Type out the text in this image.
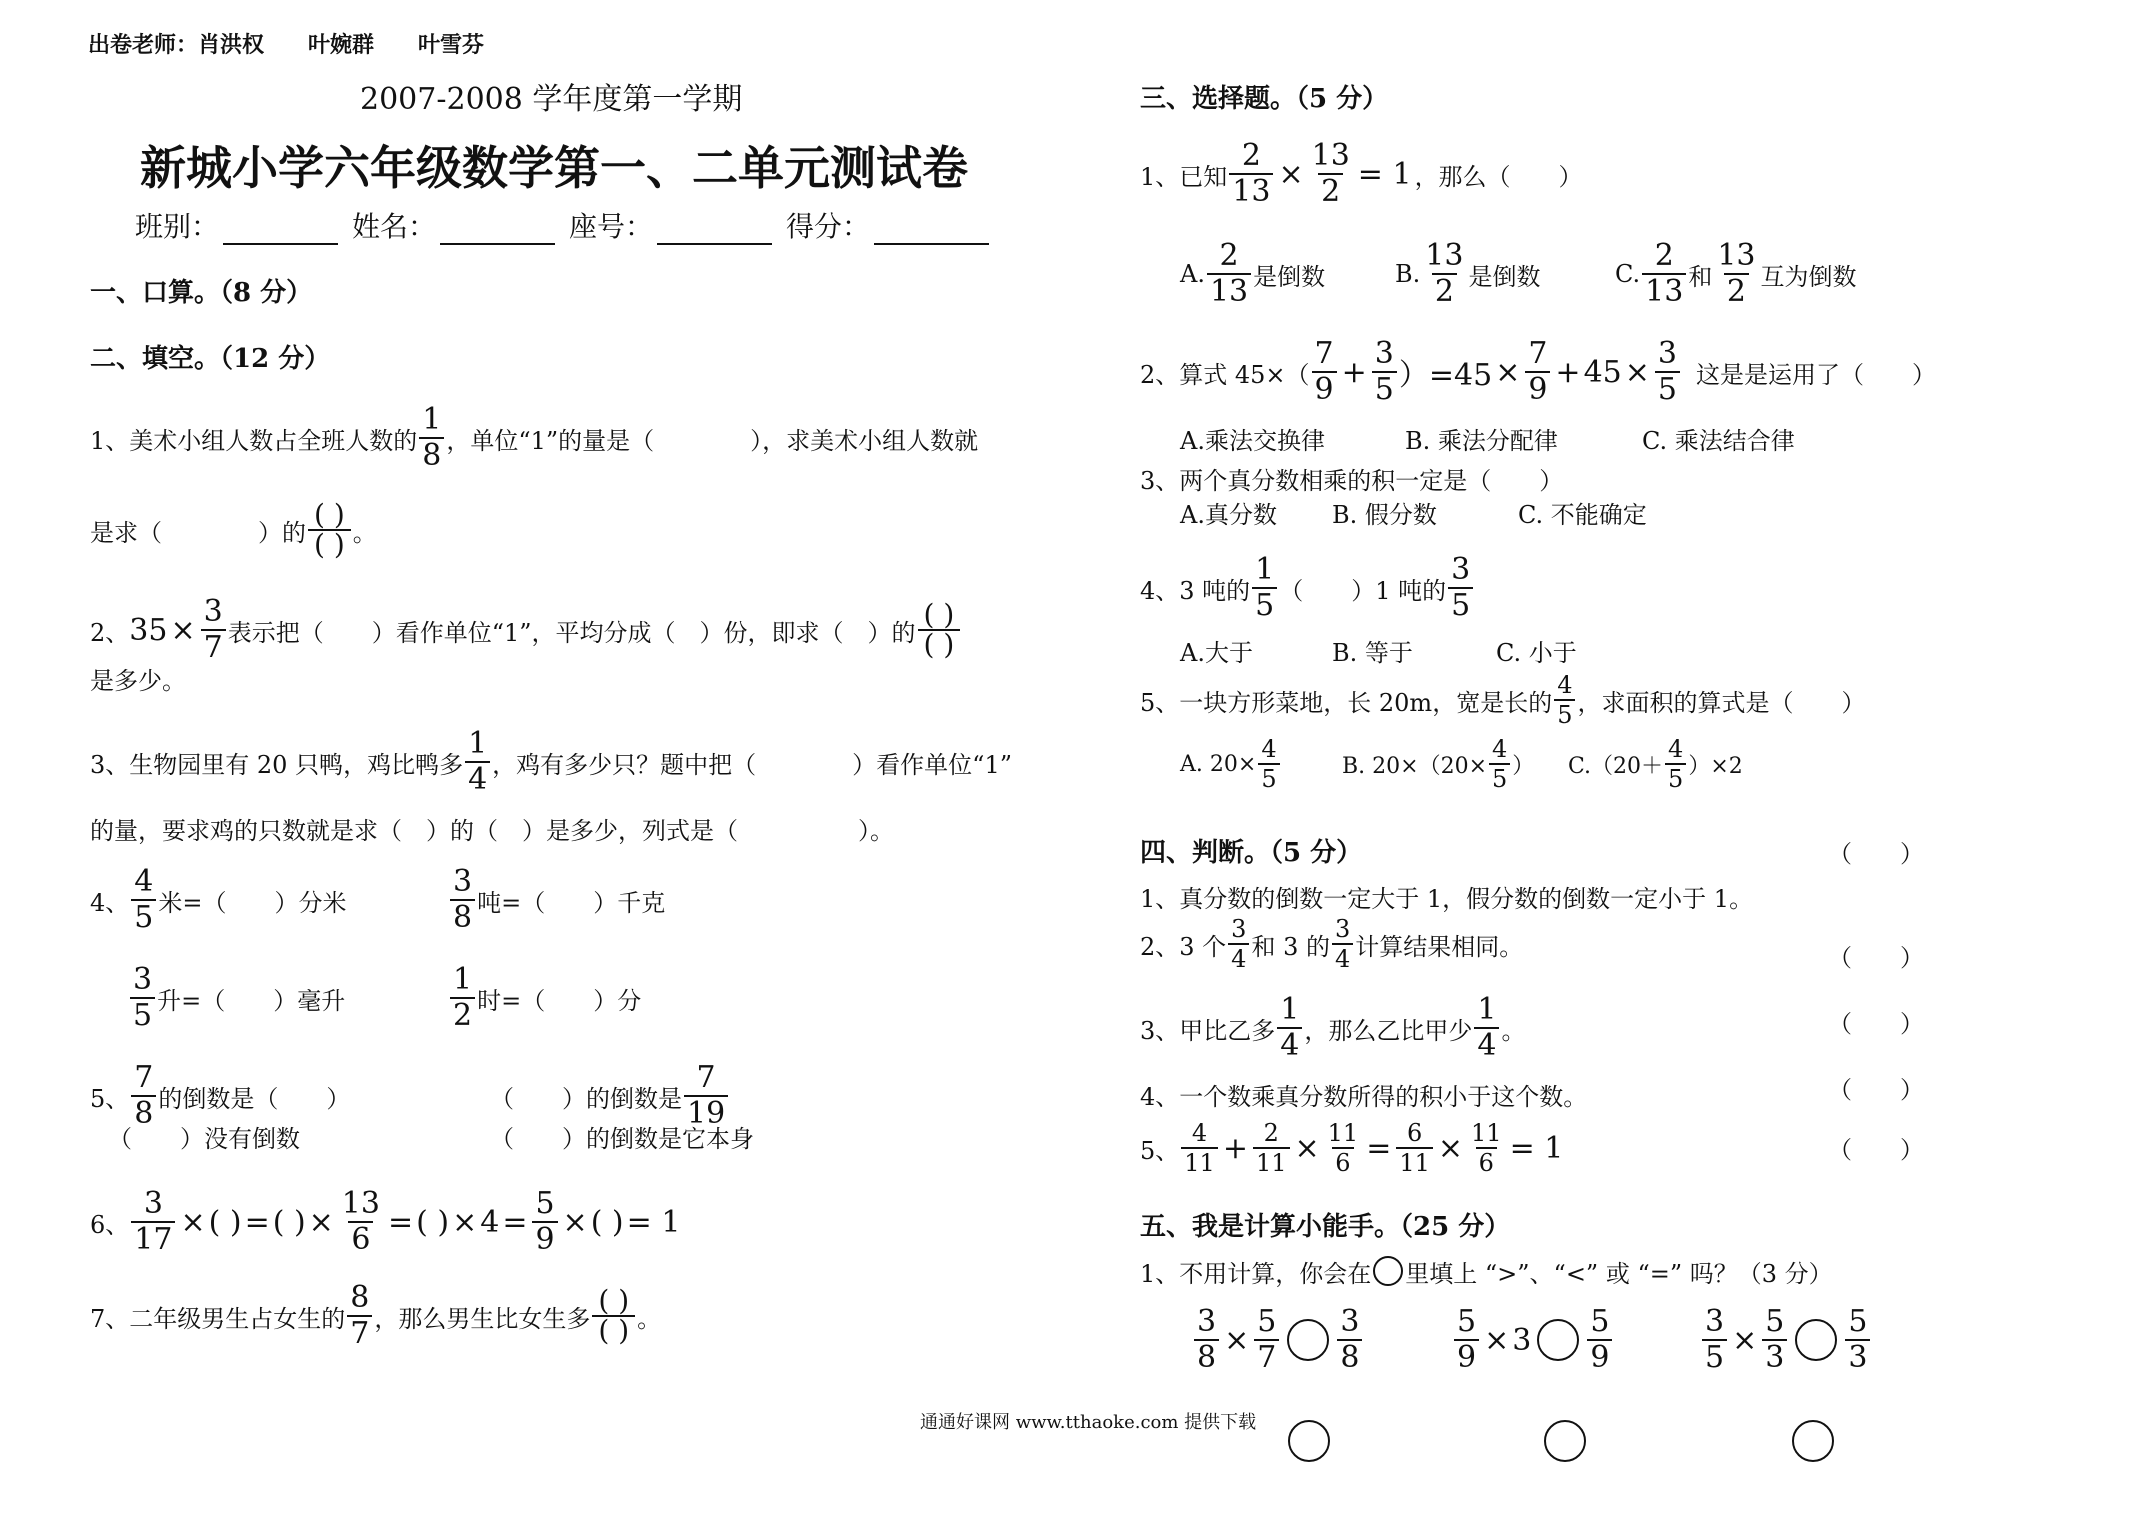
出卷老师：肖洪权　　叶婉群　　叶雪芬
2007-2008 学年度第一学期
新城小学六年级数学第一、二单元测试卷
班别：	姓名：	座号：	得分：
一、口算。（8 分）
二、填空。（12 分）
1、美术小组人数占全班人数的 $\frac{1}{8}$ ，单位“1”的量是（　　　　），求美术小组人数就
是求（　　　　）的 $\frac{( )}{( )}$ 。
2、 $35 \times \frac{3}{7}$ 表示把（　　）看作单位“1”，平均分成（　）份，即求（　）的 $\frac{( )}{( )}$
是多少。
3、生物园里有 20 只鸭，鸡比鸭多 $\frac{1}{4}$ ，鸡有多少只？题中把（　　　　）看作单位“1”
的量，要求鸡的只数就是求（　）的（　）是多少，列式是（　　　　　）。
4、 $\frac{4}{5}$ 米=（　　）分米	$\frac{3}{8}$ 吨=（　　）千克
$\frac{3}{5}$ 升=（　　）毫升	$\frac{1}{2}$ 时=（　　）分
5、 $\frac{7}{8}$ 的倒数是（　　）	（　　）的倒数是 $\frac{7}{19}$
（　　）没有倒数	（　　）的倒数是它本身
6、 $\frac{3}{17}$ × ( ) = ( ) × $\frac{13}{6}$ = ( ) × $4 = \frac{5}{9}$ × ( ) = 1
7、二年级男生占女生的 $\frac{8}{7}$ ，那么男生比女生多 $\frac{( )}{( )}$ 。
三、选择题。（5 分）
1、已知 $\frac{2}{13} \times \frac{13}{2} = 1$ ，那么（　　）
A. $\frac{2}{13}$ 是倒数	B. $\frac{13}{2}$ 是倒数	C. $\frac{2}{13}$ 和 $\frac{13}{2}$ 互为倒数
2、算式 $45\times( \frac{7}{9} + \frac{3}{5} )=45 \times \frac{7}{9} + 45 \times \frac{3}{5}$ 这是是运用了（　　）
A.乘法交换律	B. 乘法分配律	C. 乘法结合律
3、两个真分数相乘的积一定是（　　）
A.真分数 B. 假分数	C. 不能确定
4、3 吨的 $\frac{1}{5}$ （　　）1 吨的 $\frac{3}{5}$
A.大于	B. 等于	C. 小于
5、一块方形菜地，长 20m，宽是长的 $\frac{4}{5}$ ，求面积的算式是（　　）
A. $20\times \frac{4}{5}$	B. $20\times(20\times \frac{4}{5}$ ） $C.(20+ \frac{4}{5} )\times 2$
四、判断。（5 分）	（　　）
1、真分数的倒数一定大于 1，假分数的倒数一定小于 1。
2、3 个 $\frac{3}{4}$ 和 3 的 $\frac{3}{4}$ 计算结果相同。	（　　）
3、甲比乙多 $\frac{1}{4}$ ，那么乙比甲少 $\frac{1}{4}$ 。	（　　）
4、一个数乘真分数所得的积小于这个数。	（　　）
5、 $\frac{4}{11} + \frac{2}{11} \times \frac{11}{6} = \frac{6}{11} \times \frac{11}{6} = 1$	（　　）
五、我是计算小能手。（25 分）
1、不用计算，你会在 里填上 “>”、“<” 或 “=” 吗？（3 分）
$\frac{3}{8} \times \frac{5}{7} \frac{3}{8}$	$\frac{5}{9} \times 3 \frac{5}{9}$	$\frac{3}{5} \times \frac{5}{3} \frac{5}{3}$
通通好课网 www.tthaoke.com 提供下载	（　　　）（　）、
